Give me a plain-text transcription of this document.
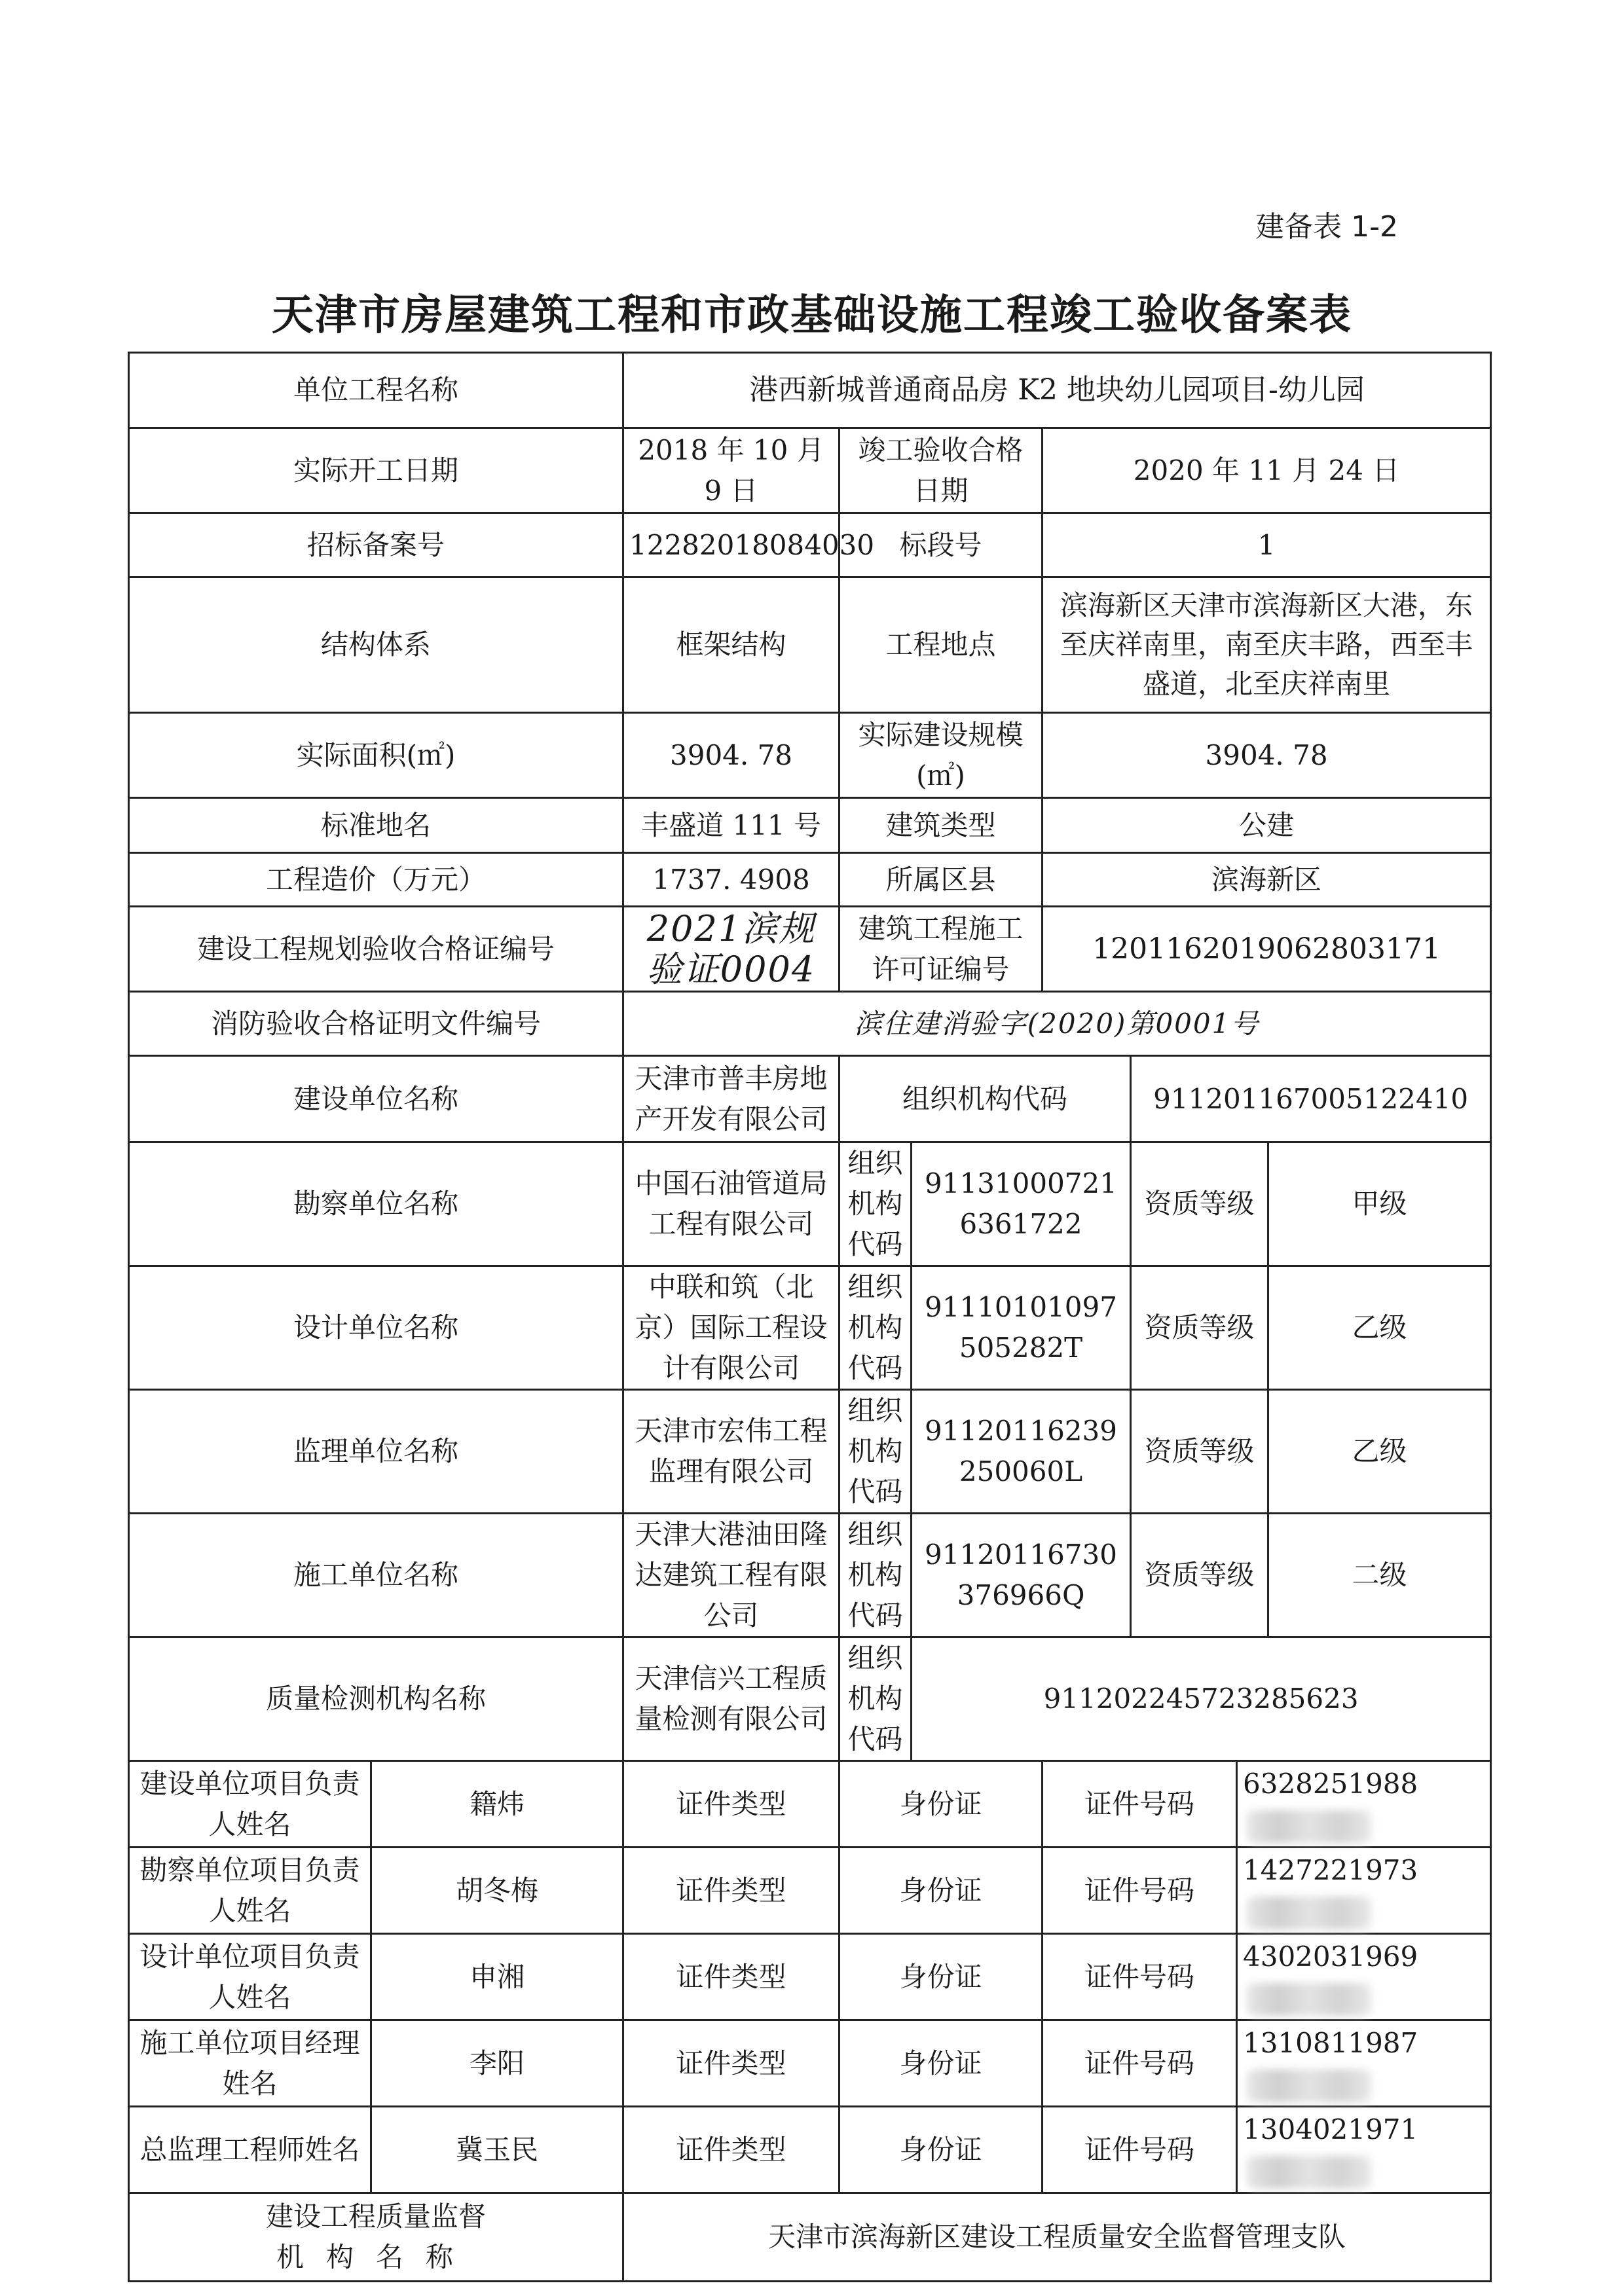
建备表 1-2
天津市房屋建筑工程和市政基础设施工程竣工验收备案表
单位工程名称		港西新城普通商品房 K2 地块幼儿园项目-幼儿园						
实际开工日期		2018 年 10 月 9 日	竣工验收合格日期		2020 年 11 月 24 日			
招标备案号		12282018084030	标段号		1			
结构体系		框架结构	工程地点		滨海新区天津市滨海新区大港，东至庆祥南里，南至庆丰路，西至丰盛道，北至庆祥南里			
实际面积(㎡)		3904. 78	实际建设规模(㎡)		3904. 78			
标准地名		丰盛道 111 号	建筑类型		公建			
工程造价（万元）		1737. 4908	所属区县		滨海新区			
建设工程规划验收合格证编号		2021滨规验证0004	建筑工程施工许可证编号		1201162019062803171			
消防验收合格证明文件编号		滨住建消验字(2020)第0001号						
建设单位名称		天津市普丰房地产开发有限公司	组织机构代码			911201167005122410		
勘察单位名称		中国石油管道局工程有限公司	组织机构代码	911310007216361722		资质等级		甲级
设计单位名称		中联和筑（北京）国际工程设计有限公司	组织机构代码	91110101097505282T		资质等级		乙级
监理单位名称		天津市宏伟工程监理有限公司	组织机构代码	91120116239250060L		资质等级		乙级
施工单位名称		天津大港油田隆达建筑工程有限公司	组织机构代码	91120116730376966Q		资质等级		二级
质量检测机构名称		天津信兴工程质量检测有限公司	组织机构代码	911202245723285623				
建设单位项目负责人姓名	籍炜	证件类型	身份证		证件号码		6328251988	
勘察单位项目负责人姓名	胡冬梅	证件类型	身份证		证件号码		1427221973	
设计单位项目负责人姓名	申湘	证件类型	身份证		证件号码		4302031969	
施工单位项目经理姓名	李阳	证件类型	身份证		证件号码		1310811987	
总监理工程师姓名	冀玉民	证件类型	身份证		证件号码		1304021971	

建设工程质量监督
机构名称		天津市滨海新区建设工程质量安全监督管理支队						
